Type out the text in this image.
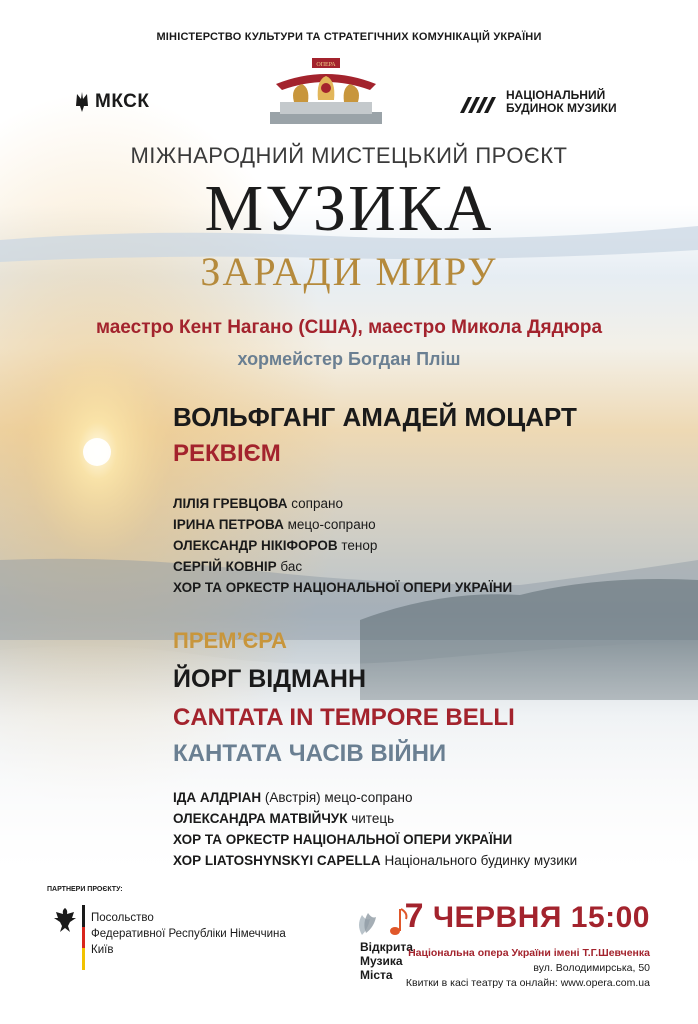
МІНІСТЕРСТВО КУЛЬТУРИ ТА СТРАТЕГІЧНИХ КОМУНІКАЦІЙ УКРАЇНИ
МКСК
ОПЕРА
НАЦІОНАЛЬНИЙ БУДИНОК МУЗИКИ
МІЖНАРОДНИЙ МИСТЕЦЬКИЙ ПРОЄКТ
МУЗИКА
ЗАРАДИ МИРУ
маестро Кент Нагано (США), маестро Микола Дядюра
хормейстер Богдан Пліш
ВОЛЬФГАНГ АМАДЕЙ МОЦАРТ
РЕКВІЄМ
ЛІЛІЯ ГРЕВЦОВА сопрано
ІРИНА ПЕТРОВА мецо-сопрано
ОЛЕКСАНДР НІКІФОРОВ тенор
СЕРГІЙ КОВНІР бас
ХОР ТА ОРКЕСТР НАЦІОНАЛЬНОЇ ОПЕРИ УКРАЇНИ
ПРЕМ’ЄРА
ЙОРГ ВІДМАНН
CANTATA IN TEMPORE BELLI
КАНТАТА ЧАСІВ ВІЙНИ
ІДА АЛДРІАН (Австрія) мецо-сопрано
ОЛЕКСАНДРА МАТВІЙЧУК читець
ХОР ТА ОРКЕСТР НАЦІОНАЛЬНОЇ ОПЕРИ УКРАЇНИ
ХОР LIATOSHYNSKYI CAPELLA Національного будинку музики
ПАРТНЕРИ ПРОЄКТУ:
Посольство
Федеративної Республіки Німеччина
Київ	Відкрита
Музика
Міста
7 ЧЕРВНЯ 15:00
Національна опера України імені Т.Г.Шевченка
вул. Володимирська, 50
Квитки в касі театру та онлайн: www.opera.com.ua
